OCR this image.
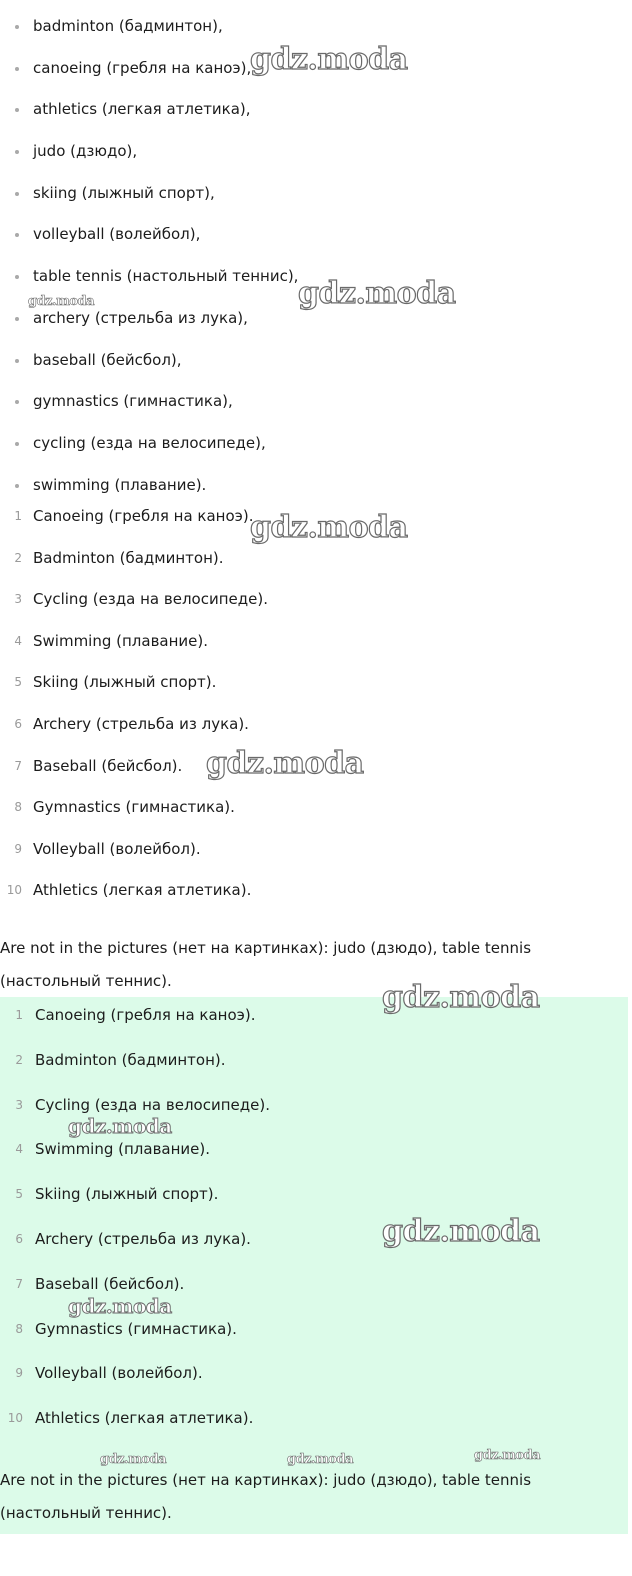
badminton (бадминтон),
canoeing (гребля на каноэ),
athletics (легкая атлетика),
judo (дзюдо),
skiing (лыжный спорт),
volleyball (волейбол),
table tennis (настольный теннис),
archery (стрельба из лука),
baseball (бейсбол),
gymnastics (гимнастика),
cycling (езда на велосипеде),
swimming (плавание).
1 Canoeing (гребля на каноэ).
2 Badminton (бадминтон).
3 Cycling (езда на велосипеде).
4 Swimming (плавание).
5 Skiing (лыжный спорт).
6 Archery (стрельба из лука).
7 Baseball (бейсбол).
8 Gymnastics (гимнастика).
9 Volleyball (волейбол).
10 Athletics (легкая атлетика).

Are not in the pictures (нет на картинках): judo (дзюдо), table tennis (настольный теннис).

1 Canoeing (гребля на каноэ).
2 Badminton (бадминтон).
3 Cycling (езда на велосипеде).
4 Swimming (плавание).
5 Skiing (лыжный спорт).
6 Archery (стрельба из лука).
7 Baseball (бейсбол).
8 Gymnastics (гимнастика).
9 Volleyball (волейбол).
10 Athletics (легкая атлетика).

Are not in the pictures (нет на картинках): judo (дзюдо), table tennis (настольный теннис).

gdz.moda
gdz.moda	gdz.moda
gdz.moda
gdz.moda
gdz.moda
gdz.moda
gdz.moda
gdz.moda
gdz.moda	gdz.moda	gdz.moda
